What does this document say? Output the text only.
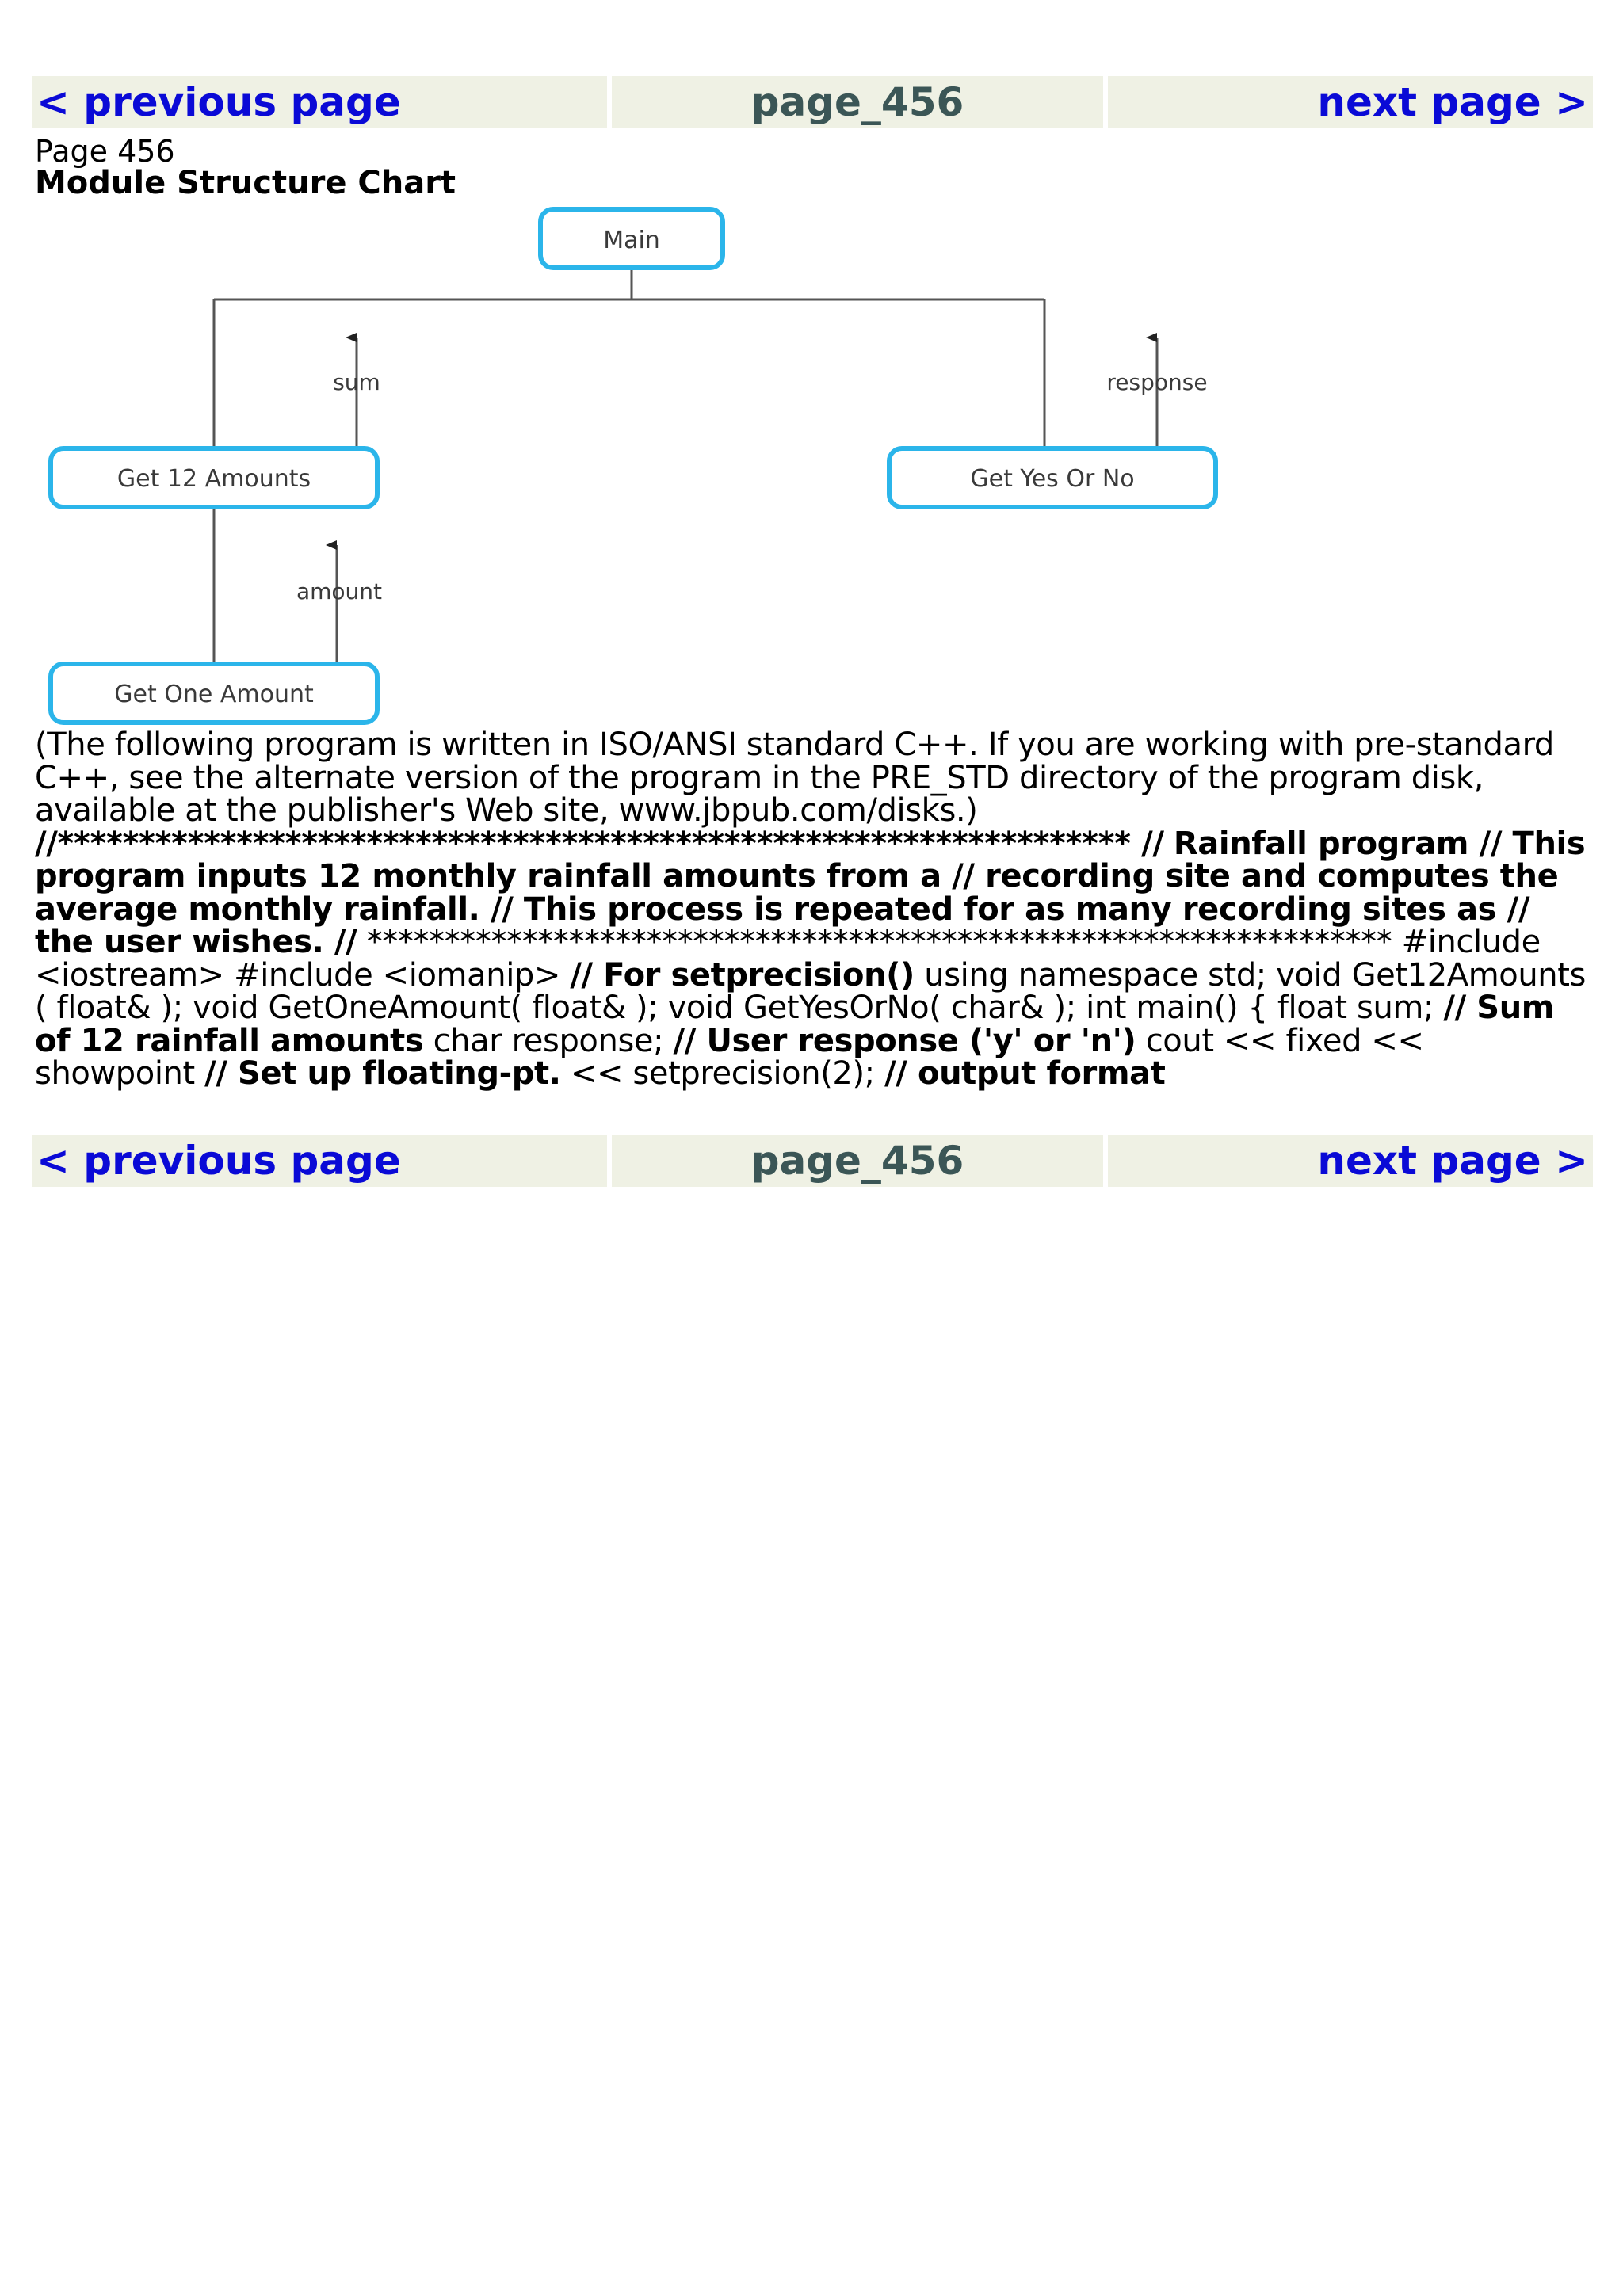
< previous page	page_456	next page >
Page 456
Module Structure Chart
sum	response
amount
Main
Get 12 Amounts	Get Yes Or No
Get One Amount
(The following program is written in ISO/ANSI standard C++. If you are working with pre-standard C++, see the alternate version of the program in the PRE_STD directory of the program disk, available at the publisher's Web site, www.jbpub.com/disks.)
//****************************************************************** // Rainfall program // This program inputs 12 monthly rainfall amounts from a // recording site and computes the average monthly rainfall. // This process is repeated for as many recording sites as // the user wishes. // ****************************************************************** #include <iostream> #include <iomanip> // For setprecision() using namespace std; void Get12Amounts ( float& ); void GetOneAmount( float& ); void GetYesOrNo( char& ); int main() { float sum; // Sum of 12 rainfall amounts char response; // User response ('y' or 'n') cout << fixed << showpoint // Set up floating-pt. << setprecision(2); // output format
< previous page	page_456	next page >
